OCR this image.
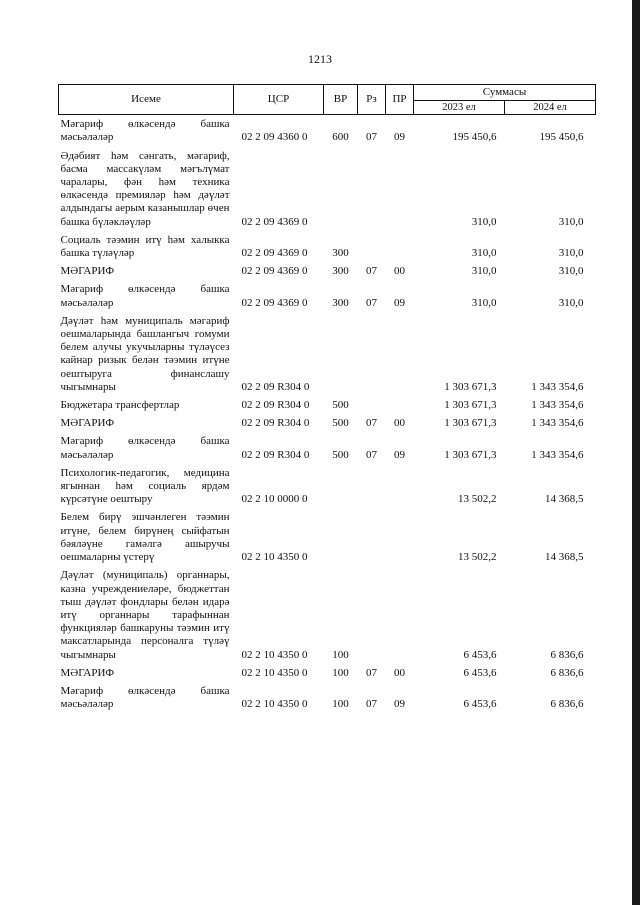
1213
Исеме	ЦСР	ВР	Рз	ПР	Суммасы	
					2023 ел	2024 ел
Мәгариф өлкәсендә башка мәсьәләләр	02 2 09 4360 0	600	07	09	195 450,6	195 450,6
Әдәбият һәм сәнгать, мәгариф, басма массакүләм мәгълүмат чаралары, фән һәм техника өлкәсендә премияләр һәм дәүләт алдындагы аерым казанышлар өчен башка бүләкләүләр	02 2 09 4369 0				310,0	310,0
Социаль тәэмин итү һәм халыкка башка түләүләр	02 2 09 4369 0	300			310,0	310,0
МӘГАРИФ	02 2 09 4369 0	300	07	00	310,0	310,0
Мәгариф өлкәсендә башка мәсьәләләр	02 2 09 4369 0	300	07	09	310,0	310,0
Дәүләт һәм муниципаль мәгариф оешмаларында башлангыч гомуми белем алучы укучыларны түләүсез кайнар ризык белән тәэмин итүне оештыруга финанслашу чыгымнары	02 2 09 R304 0				1 303 671,3	1 343 354,6
Бюджетара трансфертлар	02 2 09 R304 0	500			1 303 671,3	1 343 354,6
МӘГАРИФ	02 2 09 R304 0	500	07	00	1 303 671,3	1 343 354,6
Мәгариф өлкәсендә башка мәсьәләләр	02 2 09 R304 0	500	07	09	1 303 671,3	1 343 354,6
Психологик-педагогик, медицина ягыннан һәм социаль ярдәм күрсәтүне оештыру	02 2 10 0000 0				13 502,2	14 368,5
Белем бирү эшчәнлеген тәэмин итүне, белем бирүнең сыйфатын бәяләүне гамәлгә ашыручы оешмаларны үстерү	02 2 10 4350 0				13 502,2	14 368,5
Дәүләт (муниципаль) органнары, казна учреждениеләре, бюджеттан тыш дәүләт фондлары белән идарә итү органнары тарафыннан функцияләр башкаруны тәэмин итү максатларында персоналга түләү чыгымнары	02 2 10 4350 0	100			6 453,6	6 836,6
МӘГАРИФ	02 2 10 4350 0	100	07	00	6 453,6	6 836,6
Мәгариф өлкәсендә башка мәсьәләләр	02 2 10 4350 0	100	07	09	6 453,6	6 836,6
